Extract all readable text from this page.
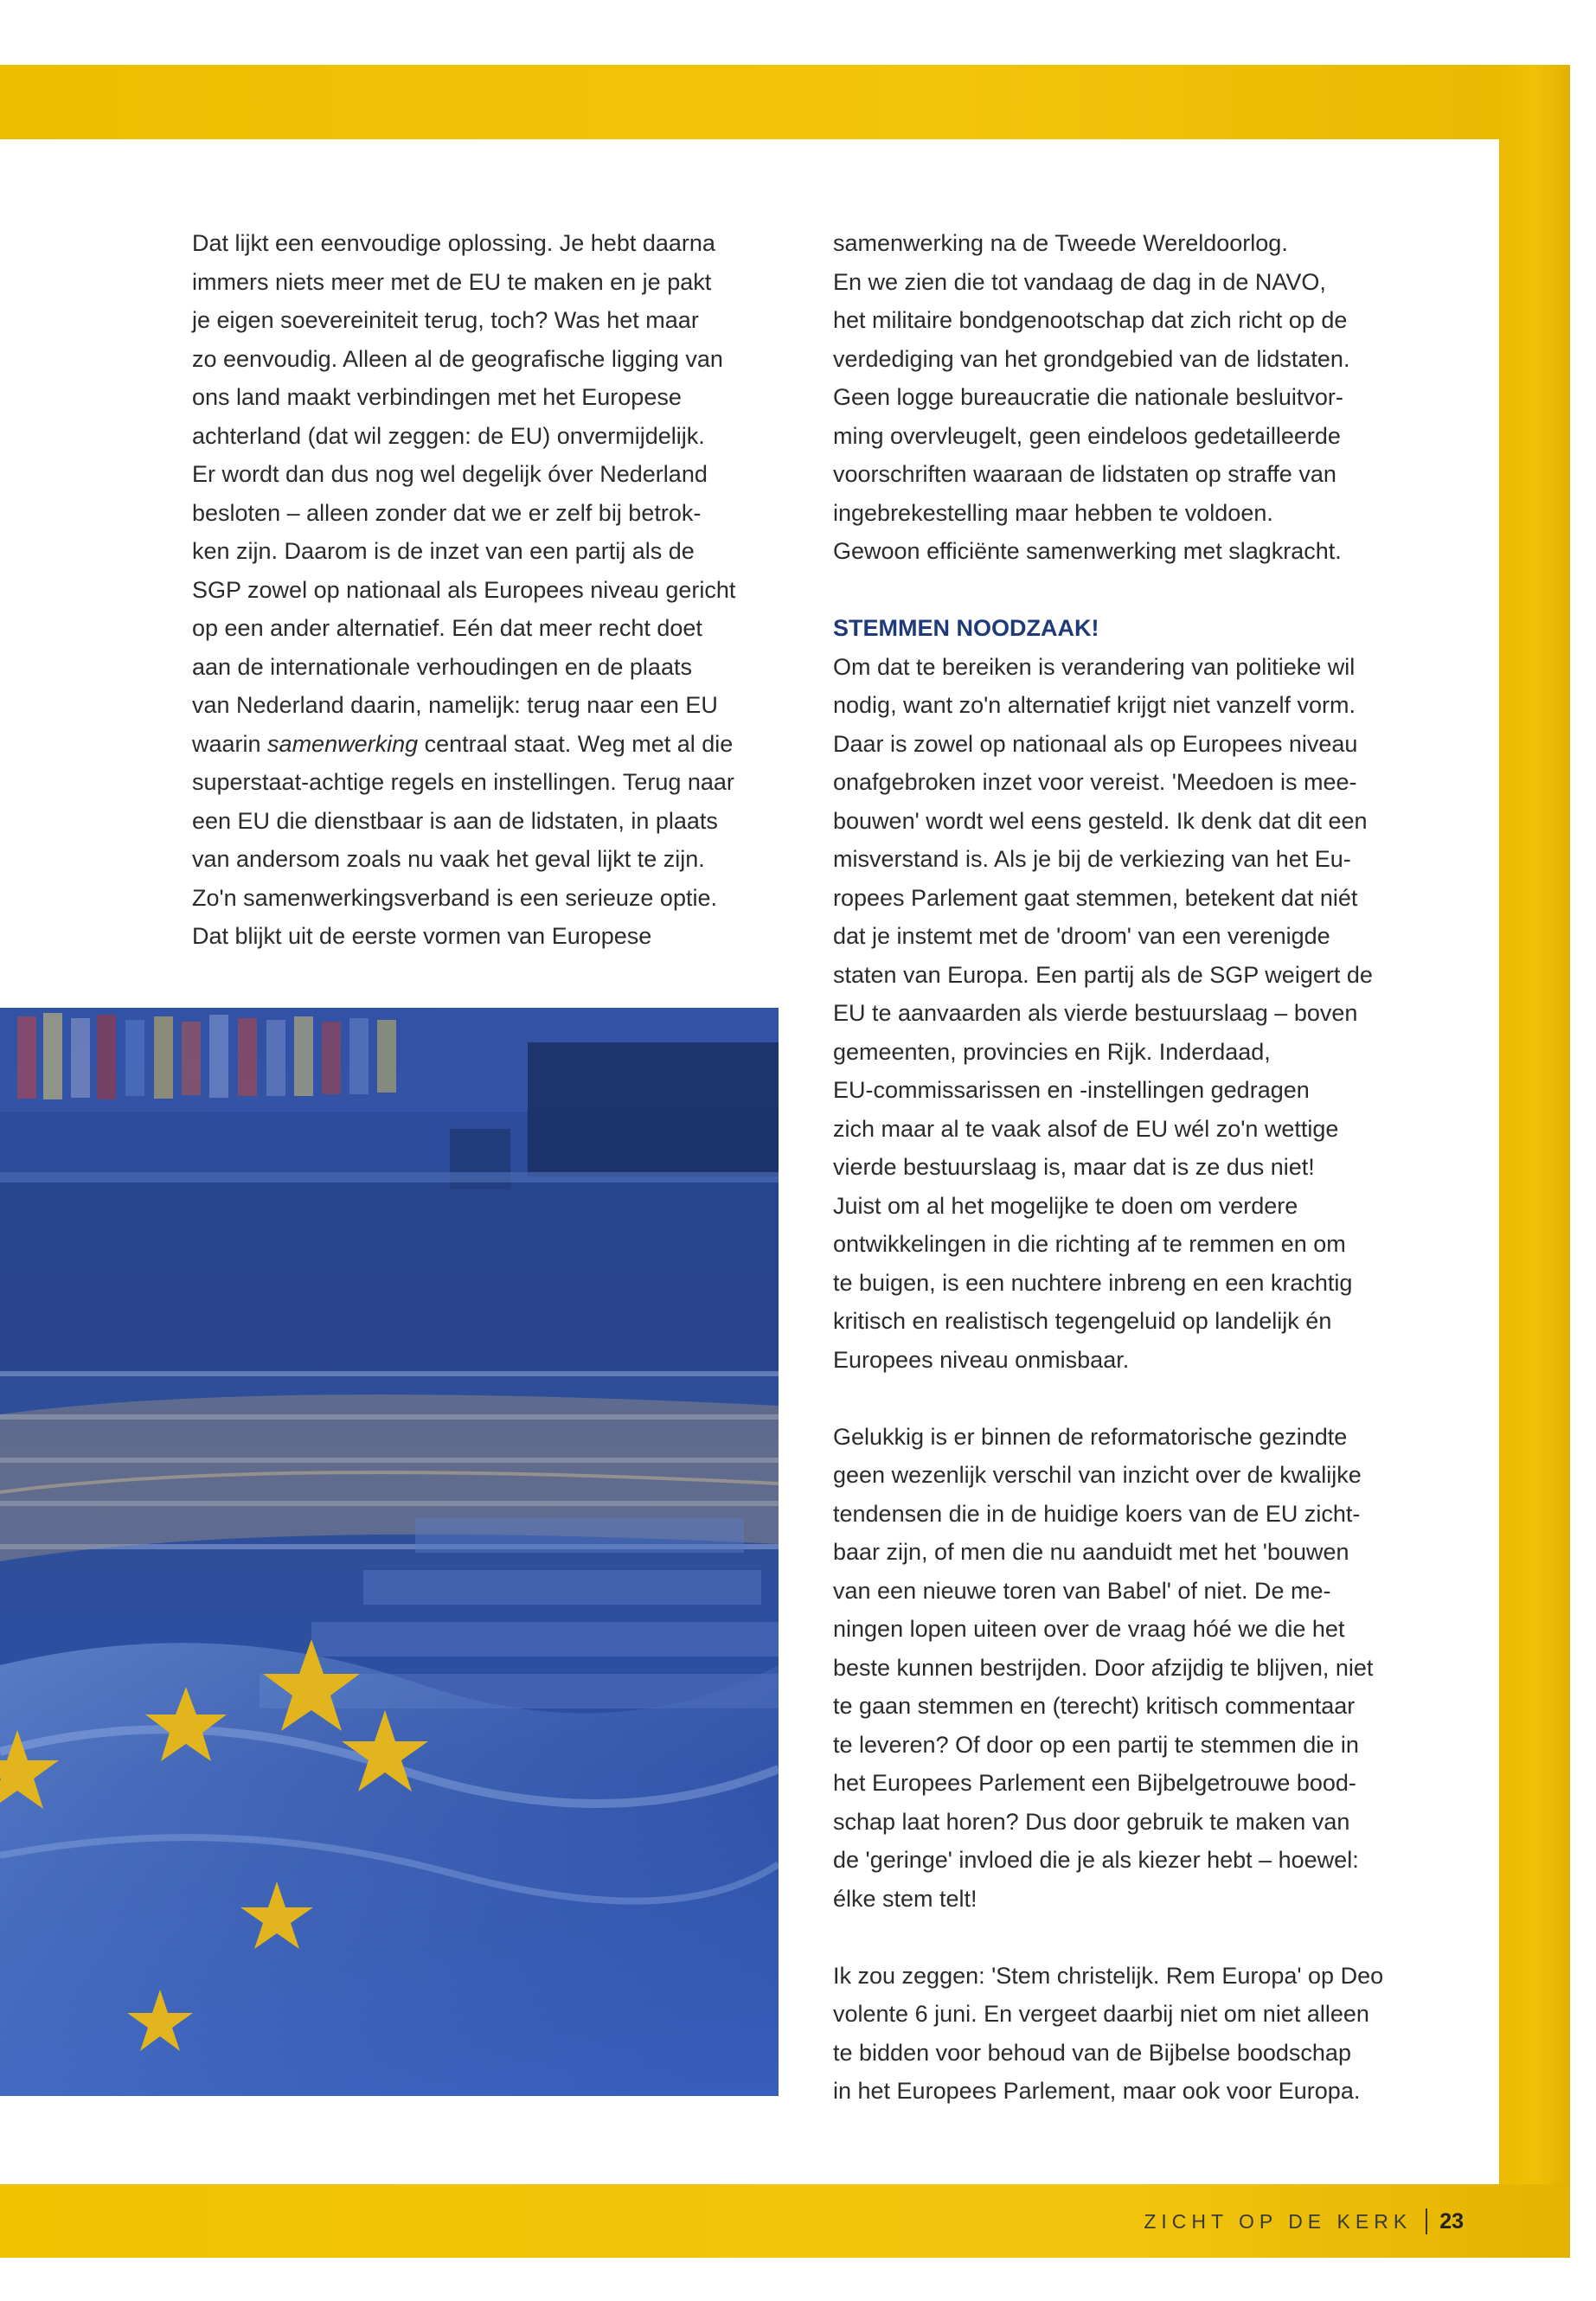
Dat lijkt een eenvoudige oplossing. Je hebt daarna

immers niets meer met de EU te maken en je pakt

je eigen soevereiniteit terug, toch? Was het maar

zo eenvoudig. Alleen al de geografische ligging van

ons land maakt verbindingen met het Europese

achterland (dat wil zeggen: de EU) onvermijdelijk.

Er wordt dan dus nog wel degelijk óver Nederland

besloten – alleen zonder dat we er zelf bij betrok-

ken zijn. Daarom is de inzet van een partij als de

SGP zowel op nationaal als Europees niveau gericht

op een ander alternatief. Eén dat meer recht doet

aan de internationale verhoudingen en de plaats

van Nederland daarin, namelijk: terug naar een EU

waarin samenwerking centraal staat. Weg met al die

superstaat-achtige regels en instellingen. Terug naar

een EU die dienstbaar is aan de lidstaten, in plaats

van andersom zoals nu vaak het geval lijkt te zijn.

Zo'n samenwerkingsverband is een serieuze optie.

Dat blijkt uit de eerste vormen van Europese

samenwerking na de Tweede Wereldoorlog.

En we zien die tot vandaag de dag in de NAVO,

het militaire bondgenootschap dat zich richt op de

verdediging van het grondgebied van de lidstaten.

Geen logge bureaucratie die nationale besluitvor-

ming overvleugelt, geen eindeloos gedetailleerde

voorschriften waaraan de lidstaten op straffe van

ingebrekestelling maar hebben te voldoen.

Gewoon efficiënte samenwerking met slagkracht.

STEMMEN NOODZAAK!

Om dat te bereiken is verandering van politieke wil

nodig, want zo'n alternatief krijgt niet vanzelf vorm.

Daar is zowel op nationaal als op Europees niveau

onafgebroken inzet voor vereist. 'Meedoen is mee-

bouwen' wordt wel eens gesteld. Ik denk dat dit een

misverstand is. Als je bij de verkiezing van het Eu-

ropees Parlement gaat stemmen, betekent dat niét

dat je instemt met de 'droom' van een verenigde

staten van Europa. Een partij als de SGP weigert de

EU te aanvaarden als vierde bestuurslaag – boven

gemeenten, provincies en Rijk. Inderdaad,

EU-commissarissen en -instellingen gedragen

zich maar al te vaak alsof de EU wél zo'n wettige

vierde bestuurslaag is, maar dat is ze dus niet!

Juist om al het mogelijke te doen om verdere

ontwikkelingen in die richting af te remmen en om

te buigen, is een nuchtere inbreng en een krachtig

kritisch en realistisch tegengeluid op landelijk én

Europees niveau onmisbaar.

Gelukkig is er binnen de reformatorische gezindte

geen wezenlijk verschil van inzicht over de kwalijke

tendensen die in de huidige koers van de EU zicht-

baar zijn, of men die nu aanduidt met het 'bouwen

van een nieuwe toren van Babel' of niet. De me-

ningen lopen uiteen over de vraag hóé we die het

beste kunnen bestrijden. Door afzijdig te blijven, niet

te gaan stemmen en (terecht) kritisch commentaar

te leveren? Of door op een partij te stemmen die in

het Europees Parlement een Bijbelgetrouwe bood-

schap laat horen? Dus door gebruik te maken van

de 'geringe' invloed die je als kiezer hebt – hoewel:

élke stem telt!

Ik zou zeggen: 'Stem christelijk. Rem Europa' op Deo

volente 6 juni. En vergeet daarbij niet om niet alleen

te bidden voor behoud van de Bijbelse boodschap

in het Europees Parlement, maar ook voor Europa.

ZICHT OP DE KERK 23
